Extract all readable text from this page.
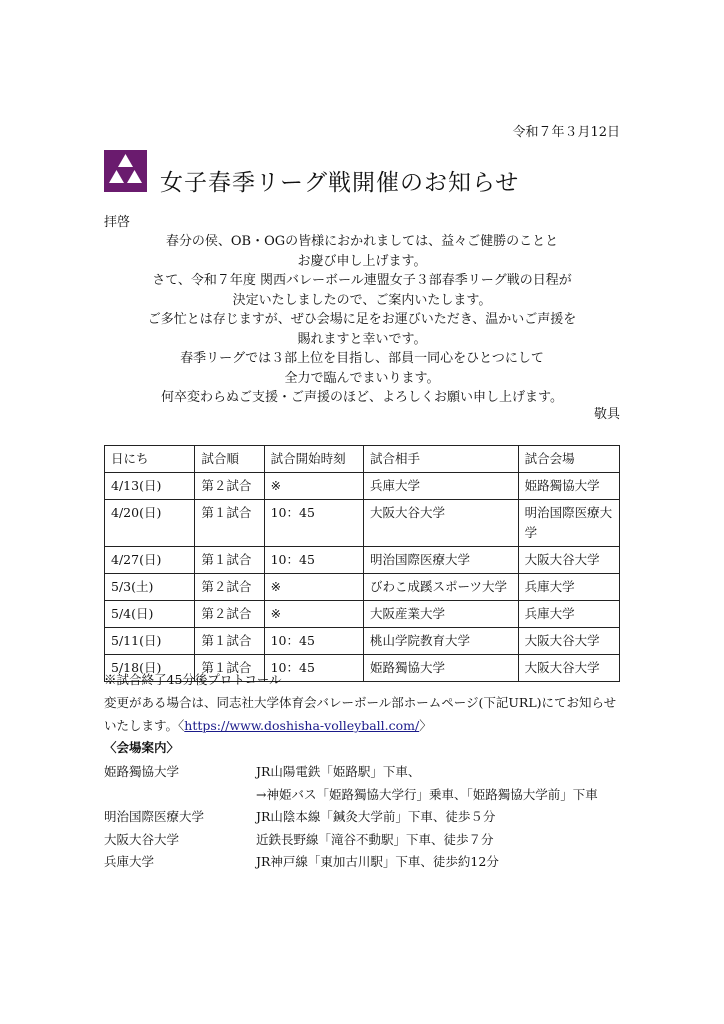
令和７年３月12日
女子春季リーグ戦開催のお知らせ
拝啓
春分の侯、OB・OGの皆様におかれましては、益々ご健勝のことと
お慶び申し上げます。
さて、令和７年度 関西バレーボール連盟女子３部春季リーグ戦の日程が
決定いたしましたので、ご案内いたします。
ご多忙とは存じますが、ぜひ会場に足をお運びいただき、温かいご声援を
賜れますと幸いです。
春季リーグでは３部上位を目指し、部員一同心をひとつにして
全力で臨んでまいります。
何卒変わらぬご支援・ご声援のほど、よろしくお願い申し上げます。
敬具
日にち	試合順	試合開始時刻	試合相手	試合会場
4/13(日)	第２試合	※	兵庫大学	姫路獨協大学
4/20(日)	第１試合	10：45	大阪大谷大学	明治国際医療大学
4/27(日)	第１試合	10：45	明治国際医療大学	大阪大谷大学
5/3(土)	第２試合	※	びわこ成蹊スポーツ大学	兵庫大学
5/4(日)	第２試合	※	大阪産業大学	兵庫大学
5/11(日)	第１試合	10：45	桃山学院教育大学	大阪大谷大学
5/18(日)	第１試合	10：45	姫路獨協大学	大阪大谷大学
※試合終了45分後プロトコール
変更がある場合は、同志社大学体育会バレーボール部ホームページ(下記URL)にてお知らせいたします。〈https://www.doshisha-volleyball.com/〉
〈会場案内〉
姫路獨協大学	JR山陽電鉄「姫路駅」下車、
→神姫バス「姫路獨協大学行」乗車、「姫路獨協大学前」下車
明治国際医療大学	JR山陰本線「鍼灸大学前」下車、徒歩５分
大阪大谷大学	近鉄長野線「滝谷不動駅」下車、徒歩７分
兵庫大学	JR神戸線「東加古川駅」下車、徒歩約12分
